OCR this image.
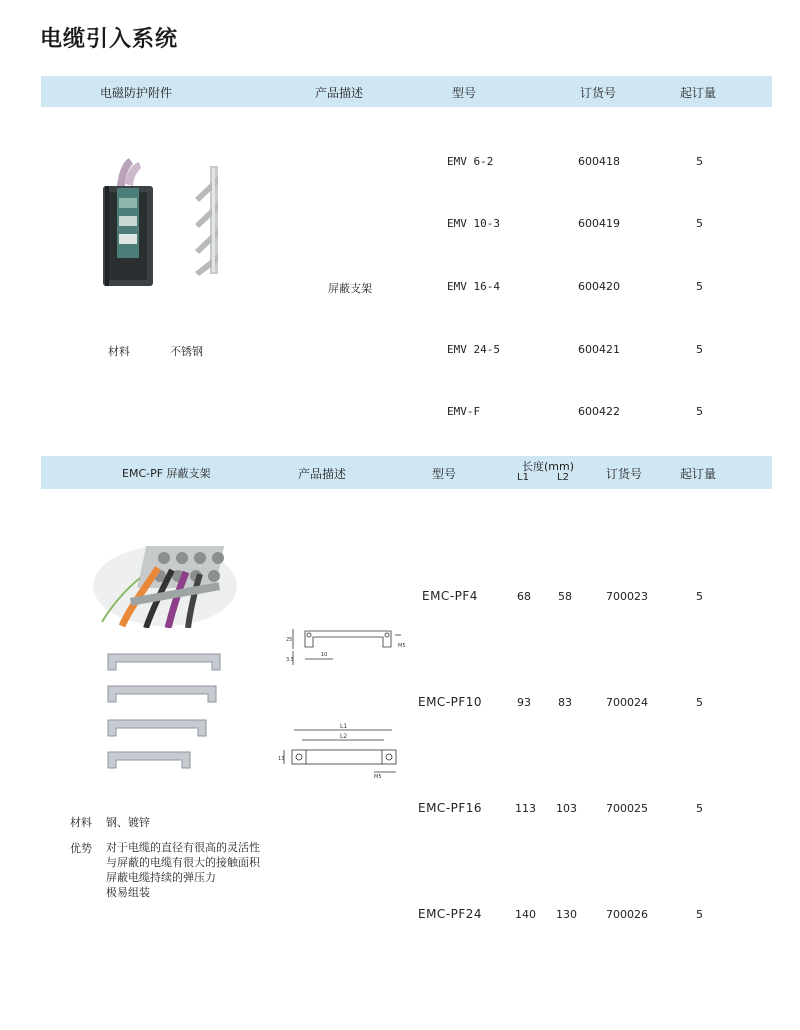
电缆引入系统
电磁防护附件	产品描述	型号	订货号	起订量
屏蔽支架
材料	不锈钢
EMV 6-2	600418	5
EMV 10-3	600419	5
EMV 16-4	600420	5
EMV 24-5	600421	5
EMV-F	600422	5
EMC-PF 屏蔽支架	产品描述	型号
长度(mm)
L1	L2	订货号	起订量
25
3.5
10
M5
L1
L2
13
M5
材料 钢、镀锌
优势 对于电缆的直径有很高的灵活性
与屏蔽的电缆有很大的接触面积
屏蔽电缆持续的弹压力
极易组装
EMC-PF4	68 58	700023	5
EMC-PF10	93 83	700024	5
EMC-PF16	113 103	700025	5
EMC-PF24	140 130	700026	5
